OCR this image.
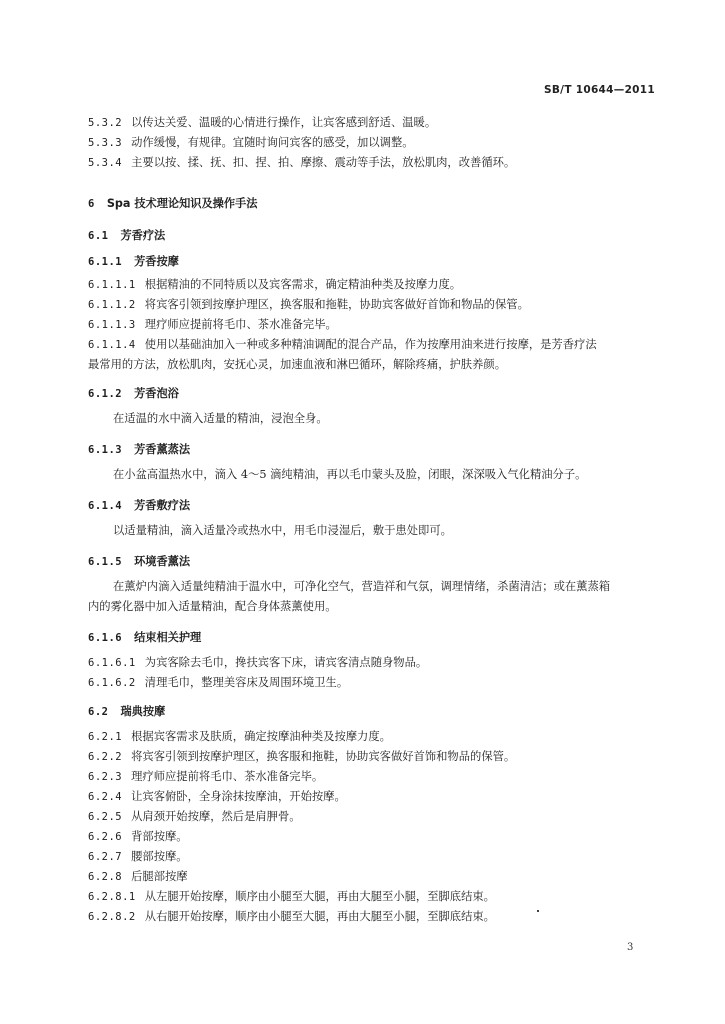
SB/T 10644—2011
5.3.2 以传达关爱、温暖的心情进行操作，让宾客感到舒适、温暖。
5.3.3 动作缓慢，有规律。宜随时询问宾客的感受，加以调整。
5.3.4 主要以按、揉、抚、扣、捏、拍、摩擦、震动等手法，放松肌肉，改善循环。
6 Spa 技术理论知识及操作手法
6.1 芳香疗法
6.1.1 芳香按摩
6.1.1.1 根据精油的不同特质以及宾客需求，确定精油种类及按摩力度。
6.1.1.2 将宾客引领到按摩护理区，换客服和拖鞋，协助宾客做好首饰和物品的保管。
6.1.1.3 理疗师应提前将毛巾、茶水准备完毕。
6.1.1.4 使用以基础油加入一种或多种精油调配的混合产品，作为按摩用油来进行按摩，是芳香疗法
最常用的方法，放松肌肉，安抚心灵，加速血液和淋巴循环，解除疼痛，护肤养颜。
6.1.2 芳香泡浴
在适温的水中滴入适量的精油，浸泡全身。
6.1.3 芳香薰蒸法
在小盆高温热水中，滴入 4～5 滴纯精油，再以毛巾蒙头及脸，闭眼，深深吸入气化精油分子。
6.1.4 芳香敷疗法
以适量精油，滴入适量冷或热水中，用毛巾浸湿后，敷于患处即可。
6.1.5 环境香薰法
在薰炉内滴入适量纯精油于温水中，可净化空气，营造祥和气氛，调理情绪，杀菌清洁；或在薰蒸箱
内的雾化器中加入适量精油，配合身体蒸薰使用。
6.1.6 结束相关护理
6.1.6.1 为宾客除去毛巾，搀扶宾客下床，请宾客清点随身物品。
6.1.6.2 清理毛巾，整理美容床及周围环境卫生。
6.2 瑞典按摩
6.2.1 根据宾客需求及肤质，确定按摩油种类及按摩力度。
6.2.2 将宾客引领到按摩护理区，换客服和拖鞋，协助宾客做好首饰和物品的保管。
6.2.3 理疗师应提前将毛巾、茶水准备完毕。
6.2.4 让宾客俯卧，全身涂抹按摩油，开始按摩。
6.2.5 从肩颈开始按摩，然后是肩胛骨。
6.2.6 背部按摩。
6.2.7 腰部按摩。
6.2.8 后腿部按摩
6.2.8.1 从左腿开始按摩，顺序由小腿至大腿，再由大腿至小腿，至脚底结束。
6.2.8.2 从右腿开始按摩，顺序由小腿至大腿，再由大腿至小腿，至脚底结束。
3
